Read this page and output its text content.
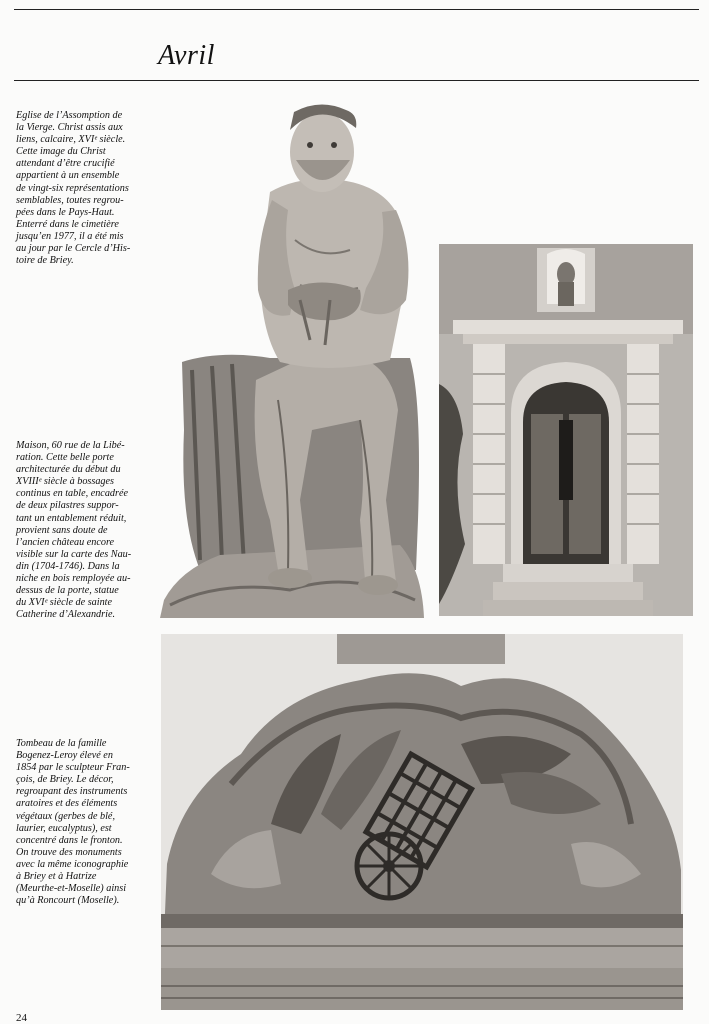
Avril
Eglise de l’Assomption de
la Vierge. Christ assis aux
liens, calcaire, XVIᵉ siècle.
Cette image du Christ
attendant d’être crucifié
appartient à un ensemble
de vingt-six représentations
semblables, toutes regrou-
pées dans le Pays-Haut.
Enterré dans le cimetière
jusqu’en 1977, il a été mis
au jour par le Cercle d’His-
toire de Briey.
Maison, 60 rue de la Libé-
ration. Cette belle porte
architecturée du début du
XVIIIᵉ siècle à bossages
continus en table, encadrée
de deux pilastres suppor-
tant un entablement réduit,
provient sans doute de
l’ancien château encore
visible sur la carte des Nau-
din (1704-1746). Dans la
niche en bois remployée au-
dessus de la porte, statue
du XVIᵉ siècle de sainte
Catherine d’Alexandrie.
Tombeau de la famille
Bogenez-Leroy élevé en
1854 par le sculpteur Fran-
çois, de Briey. Le décor,
regroupant des instruments
aratoires et des éléments
végétaux (gerbes de blé,
laurier, eucalyptus), est
concentré dans le fronton.
On trouve des monuments
avec la même iconographie
à Briey et à Hatrize
(Meurthe-et-Moselle) ainsi
qu’à Roncourt (Moselle).
24
